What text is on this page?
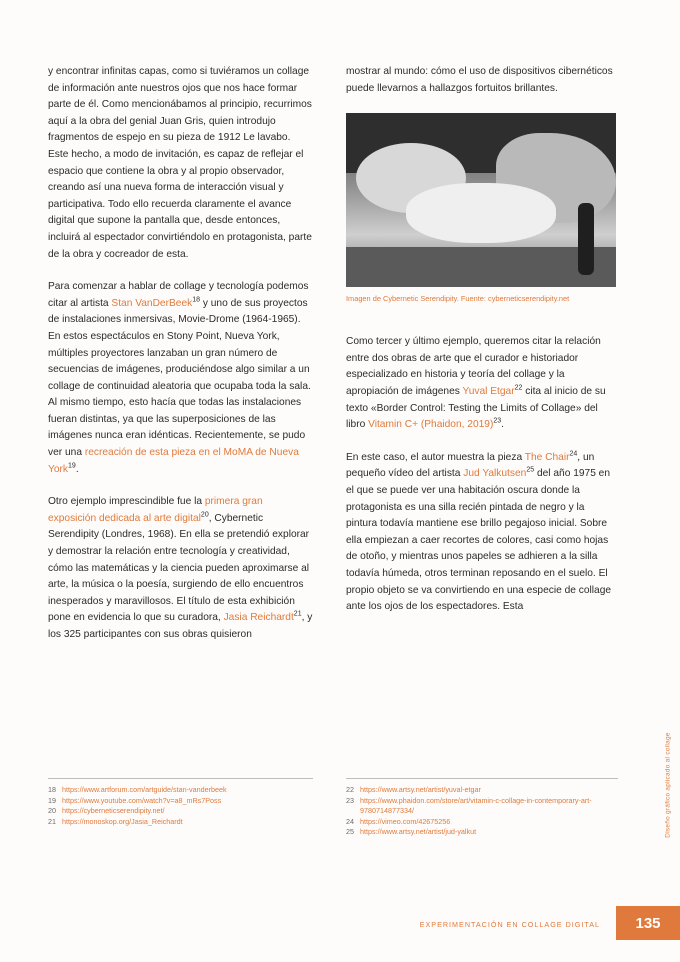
y encontrar infinitas capas, como si tuviéramos un collage de información ante nuestros ojos que nos hace formar parte de él. Como mencionábamos al principio, recurrimos aquí a la obra del genial Juan Gris, quien introdujo fragmentos de espejo en su pieza de 1912 Le lavabo. Este hecho, a modo de invitación, es capaz de reflejar el espacio que contiene la obra y al propio observador, creando así una nueva forma de interacción visual y participativa. Todo ello recuerda claramente el avance digital que supone la pantalla que, desde entonces, incluirá al espectador convirtiéndolo en protagonista, parte de la obra y cocreador de esta.

Para comenzar a hablar de collage y tecnología podemos citar al artista Stan VanDerBeek$^{18}$ y uno de sus proyectos de instalaciones inmersivas, Movie-Drome (1964-1965). En estos espectáculos en Stony Point, Nueva York, múltiples proyectores lanzaban un gran número de secuencias de imágenes, produciéndose algo similar a un collage de continuidad aleatoria que ocupaba toda la sala. Al mismo tiempo, esto hacía que todas las instalaciones fueran distintas, ya que las superposiciones de las imágenes nunca eran idénticas. Recientemente, se pudo ver una recreación de esta pieza en el MoMA de Nueva York$^{19}$.

Otro ejemplo imprescindible fue la primera gran exposición dedicada al arte digital$^{20}$, Cybernetic Serendipity (Londres, 1968). En ella se pretendió explorar y demostrar la relación entre tecnología y creatividad, cómo las matemáticas y la ciencia pueden aproximarse al arte, la música o la poesía, surgiendo de ello encuentros inesperados y maravillosos. El título de esta exhibición pone en evidencia lo que su curadora, Jasia Reichardt$^{21}$, y los 325 participantes con sus obras quisieron

mostrar al mundo: cómo el uso de dispositivos cibernéticos puede llevarnos a hallazgos fortuitos brillantes.

Imagen de Cybernetic Serendipity. Fuente: cyberneticserendipity.net

Como tercer y último ejemplo, queremos citar la relación entre dos obras de arte que el curador e historiador especializado en historia y teoría del collage y la apropiación de imágenes Yuval Etgar$^{22}$ cita al inicio de su texto «Border Control: Testing the Limits of Collage» del libro Vitamin C+ (Phaidon, 2019)$^{23}$.

En este caso, el autor muestra la pieza The Chair$^{24}$, un pequeño vídeo del artista Jud Yalkutsen$^{25}$ del año 1975 en el que se puede ver una habitación oscura donde la protagonista es una silla recién pintada de negro y la pintura todavía mantiene ese brillo pegajoso inicial. Sobre ella empiezan a caer recortes de colores, casi como hojas de otoño, y mientras unos papeles se adhieren a la silla todavía húmeda, otros terminan reposando en el suelo. El propio objeto se va convirtiendo en una especie de collage ante los ojos de los espectadores. Esta

18 https://www.artforum.com/artguide/stan-vanderbeek
19 https://www.youtube.com/watch?v=a8_mRs7Poss
20 https://cyberneticserendipity.net/
21 https://monoskop.org/Jasia_Reichardt
22 https://www.artsy.net/artist/yuval-etgar
23 https://www.phaidon.com/store/art/vitamin-c-collage-in-contemporary-art-9780714877334/
24 https://vimeo.com/42675256
25 https://www.artsy.net/artist/jud-yalkut	Diseño gráfico aplicado al collage
EXPERIMENTACIÓN EN COLLAGE DIGITAL	135
